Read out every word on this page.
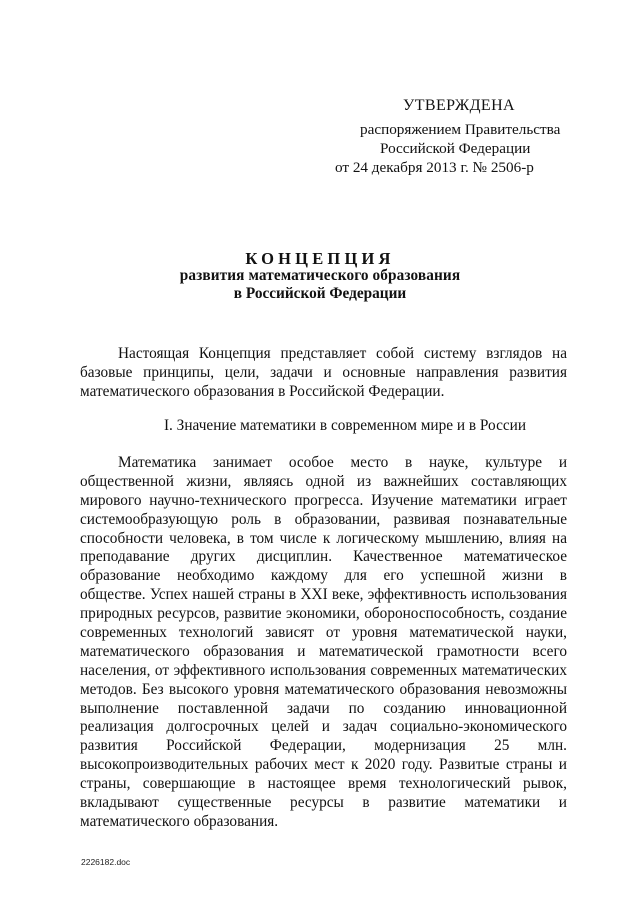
УТВЕРЖДЕНА
распоряжением Правительства
Российской Федерации
от 24 декабря 2013 г. № 2506-р
КОНЦЕПЦИЯ
развития математического образования
в Российской Федерации
Настоящая Концепция представляет собой систему взглядов на
базовые принципы, цели, задачи и основные направления развития
математического образования в Российской Федерации.
I. Значение математики в современном мире и в России
Математика занимает особое место в науке, культуре и
общественной жизни, являясь одной из важнейших составляющих
мирового научно-технического прогресса. Изучение математики играет
системообразующую роль в образовании, развивая познавательные
способности человека, в том числе к логическому мышлению, влияя на
преподавание других дисциплин. Качественное математическое
образование необходимо каждому для его успешной жизни в
обществе. Успех нашей страны в XXI веке, эффективность использования
природных ресурсов, развитие экономики, обороноспособность, создание
современных технологий зависят от уровня математической науки,
математического образования и математической грамотности всего
населения, от эффективного использования современных математических
методов. Без высокого уровня математического образования невозможны
выполнение поставленной задачи по созданию инновационной
реализация долгосрочных целей и задач социально-экономического
развития Российской Федерации, модернизация 25 млн.
высокопроизводительных рабочих мест к 2020 году. Развитые страны и
страны, совершающие в настоящее время технологический рывок,
вкладывают существенные ресурсы в развитие математики и
математического образования.
2226182.doc
